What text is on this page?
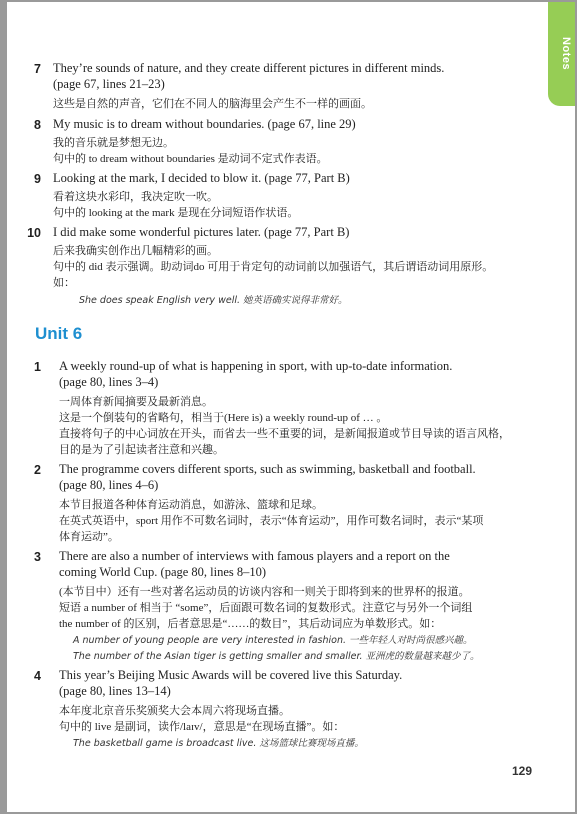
Notes
7 They’re sounds of nature, and they create different pictures in different minds.
(page 67, lines 21–23)
这些是自然的声音，它们在不同人的脑海里会产生不一样的画面。
8 My music is to dream without boundaries. (page 67, line 29)
我的音乐就是梦想无边。
句中的 to dream without boundaries 是动词不定式作表语。
9 Looking at the mark, I decided to blow it. (page 77, Part B)
看着这块水彩印，我决定吹一吹。
句中的 looking at the mark 是现在分词短语作状语。
10 I did make some wonderful pictures later. (page 77, Part B)
后来我确实创作出几幅精彩的画。
句中的 did 表示强调。助动词do 可用于肯定句的动词前以加强语气，其后谓语动词用原形。
如：
She does speak English very well. 她英语确实说得非常好。
Unit 6
1 A weekly round-up of what is happening in sport, with up-to-date information.
(page 80, lines 3–4)
一周体育新闻摘要及最新消息。
这是一个倒装句的省略句，相当于(Here is) a weekly round-up of … 。
直接将句子的中心词放在开头，而省去一些不重要的词，是新闻报道或节目导读的语言风格，
目的是为了引起读者注意和兴趣。
2 The programme covers different sports, such as swimming, basketball and football.
(page 80, lines 4–6)
本节目报道各种体育运动消息，如游泳、篮球和足球。
在英式英语中，sport 用作不可数名词时，表示“体育运动”，用作可数名词时，表示“某项
体育运动”。
3 There are also a number of interviews with famous players and a report on the
coming World Cup. (page 80, lines 8–10)
(本节目中）还有一些对著名运动员的访谈内容和一则关于即将到来的世界杯的报道。
短语 a number of 相当于 “some”，后面跟可数名词的复数形式。注意它与另外一个词组
the number of 的区别，后者意思是“……的数目”，其后动词应为单数形式。如：
A number of young people are very interested in fashion. 一些年轻人对时尚很感兴趣。
The number of the Asian tiger is getting smaller and smaller. 亚洲虎的数量越来越少了。
4 This year’s Beijing Music Awards will be covered live this Saturday.
(page 80, lines 13–14)
本年度北京音乐奖颁奖大会本周六将现场直播。
句中的 live 是副词，读作/laɪv/，意思是“在现场直播”。如：
The basketball game is broadcast live. 这场篮球比赛现场直播。
129
